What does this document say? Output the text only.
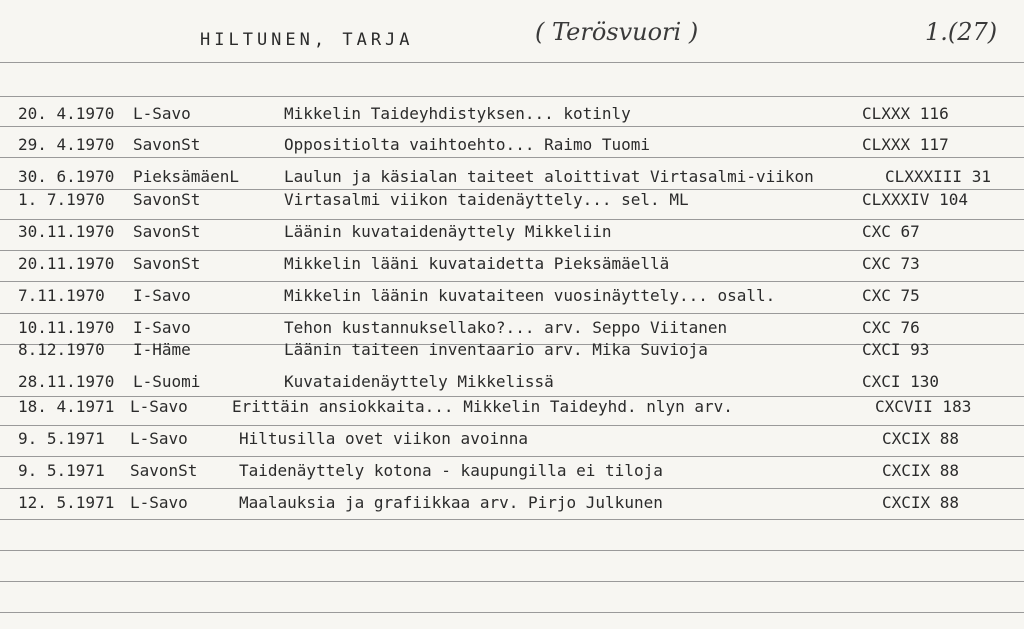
HILTUNEN, TARJA	( Terösvuori )	1.(27)
20. 4.1970 L-Savo	Mikkelin Taideyhdistyksen... kotinly	CLXXX 116
29. 4.1970 SavonSt	Oppositiolta vaihtoehto... Raimo Tuomi	CLXXX 117
30. 6.1970 PieksämäenL	Laulun ja käsialan taiteet aloittivat Virtasalmi-viikon	CLXXXIII 31
1. 7.1970 SavonSt	Virtasalmi viikon taidenäyttely... sel. ML	CLXXXIV 104
30.11.1970 SavonSt	Läänin kuvataidenäyttely Mikkeliin	CXC 67
20.11.1970 SavonSt	Mikkelin lääni kuvataidetta Pieksämäellä	CXC 73
7.11.1970 I-Savo	Mikkelin läänin kuvataiteen vuosinäyttely... osall.	CXC 75
10.11.1970 I-Savo	Tehon kustannuksellako?... arv. Seppo Viitanen	CXC 76
8.12.1970 I-Häme	Läänin taiteen inventaario arv. Mika Suvioja	CXCI 93
28.11.1970 L-Suomi	Kuvataidenäyttely Mikkelissä	CXCI 130
18. 4.1971 L-Savo	Erittäin ansiokkaita... Mikkelin Taideyhd. nlyn arv.	CXCVII 183
9. 5.1971 L-Savo	Hiltusilla ovet viikon avoinna	CXCIX 88
9. 5.1971 SavonSt	Taidenäyttely kotona - kaupungilla ei tiloja	CXCIX 88
12. 5.1971 L-Savo	Maalauksia ja grafiikkaa arv. Pirjo Julkunen	CXCIX 88
